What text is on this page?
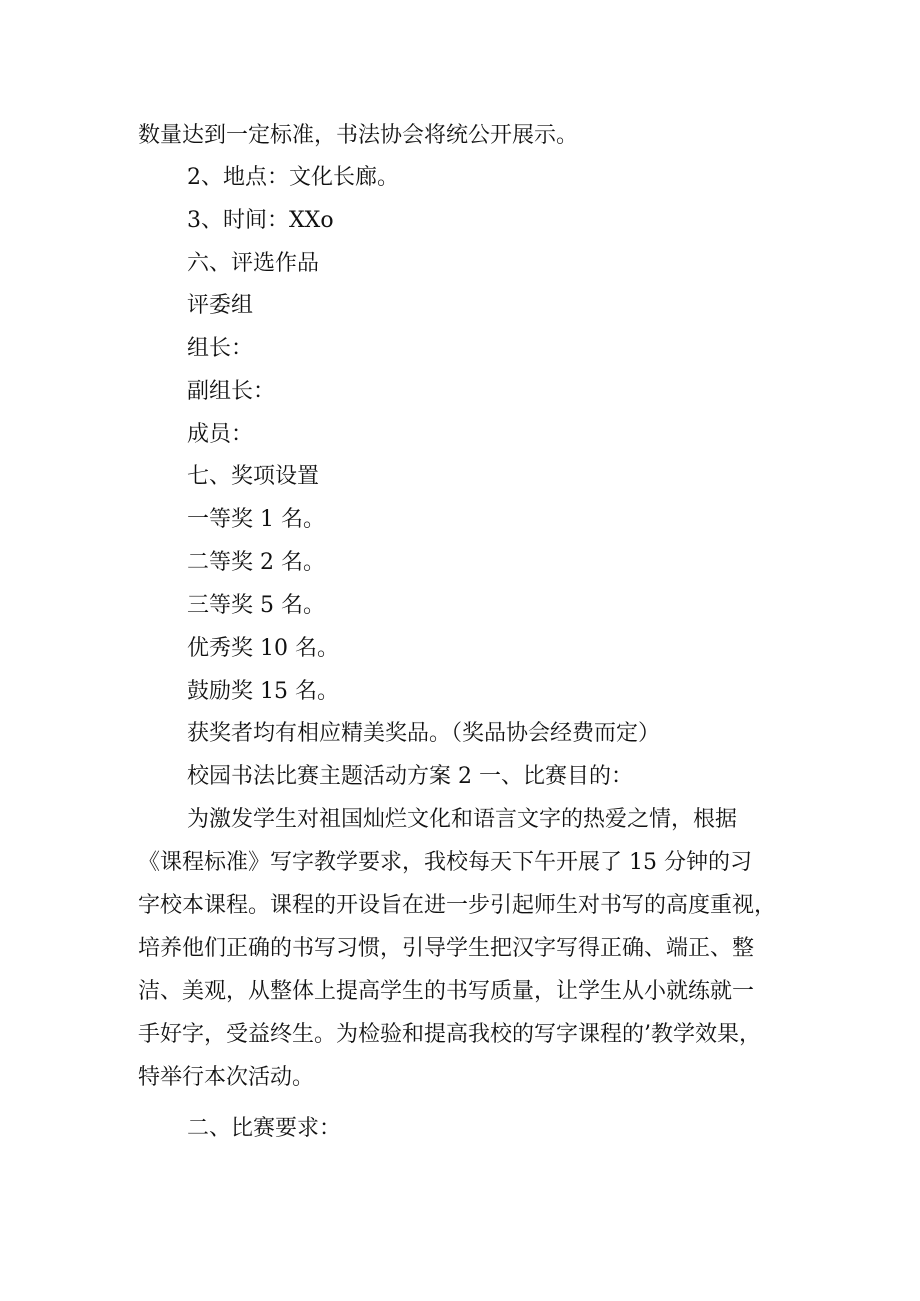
数量达到一定标准，书法协会将统公开展示。
2、地点：文化长廊。
3、时间：XXo
六、评选作品
评委组
组长：
副组长：
成员：
七、奖项设置
一等奖 1 名。
二等奖 2 名。
三等奖 5 名。
优秀奖 10 名。
鼓励奖 15 名。
获奖者均有相应精美奖品。（奖品协会经费而定）
校园书法比赛主题活动方案 2 一、比赛目的：
为激发学生对祖国灿烂文化和语言文字的热爱之情，根据
《课程标准》写字教学要求，我校每天下午开展了 15 分钟的习
字校本课程。课程的开设旨在进一步引起师生对书写的高度重视，
培养他们正确的书写习惯，引导学生把汉字写得正确、端正、整
洁、美观，从整体上提高学生的书写质量，让学生从小就练就一
手好字，受益终生。为检验和提高我校的写字课程的’教学效果，
特举行本次活动。
二、比赛要求：
